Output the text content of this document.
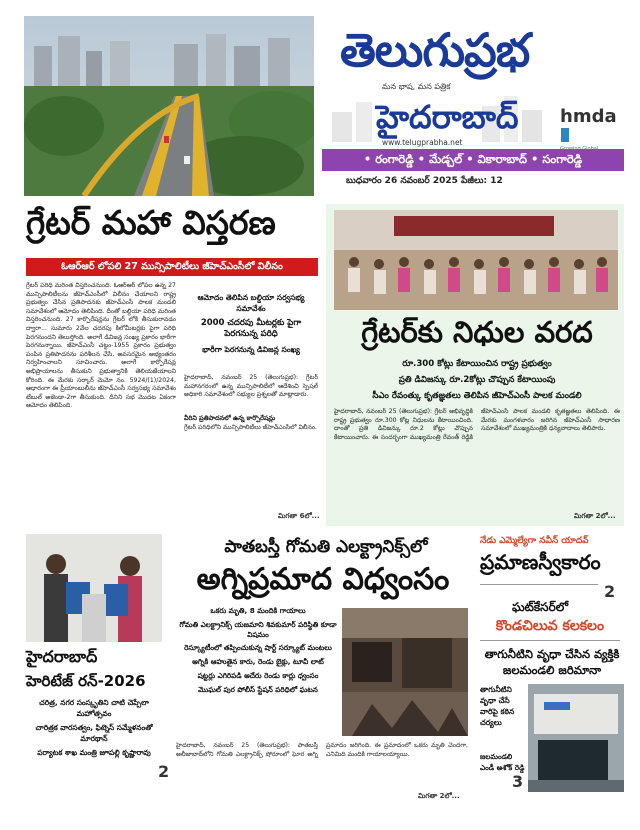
తెలుగుప్రభ
మన భాష, మన పత్రిక
హైదరాబాద్
www.telugprabha.net
hmda
• రంగారెడ్డి • మేడ్చల్ • వికారాబాద్ • సంగారెడ్డి
బుధవారం 26 నవంబర్ 2025 పేజీలు: 12
గ్రేటర్ మహా విస్తరణ
ఓఆర్ఆర్ లోపలి 27 మున్సిపాలిటీలు జీహెచ్ఎంసీలో విలీనం
గ్రేటర్ పరిధి మరింత విస్తరించనుంది. ఓఆర్ఆర్ లోపల ఉన్న 27 మున్సిపాలిటీలను జీహెచ్ఎంసీలో విలీనం చేయాలని రాష్ట్ర ప్రభుత్వం చేసిన ప్రతిపాదనకు జీహెచ్ఎంసీ పాలక మండలి సమావేశంలో ఆమోదం తెలిపింది. దీంతో బల్దియా పరిధి మరింత విస్తరించనుంది. 27 కార్పొరేషన్లను గ్రేటర్ లోకి తీసుకురావడం ద్వారా... సుమారు 2వేల చదరపు కిలోమీటర్లకు పైగా పరిధి పెరగనుందని తెలుస్తోంది. అలాగే డివిజన్ల సంఖ్య ప్రకారం భారీగా పెరగనున్నాయి. జీహెచ్ఎంసీ చట్టం-1955 ప్రకారం ప్రభుత్వం పంపిన ప్రతిపాదనను పరిశీలన చేసి, అవసరమైన అభ్యంతరం నిర్వహించాలని సూచించారు. అలాగే కార్పొరేషన్ల అభిప్రాయాలను తీసుకుని ప్రభుత్వానికి తెలియజేయాలని కోరింది. ఈ మేరకు సర్కార్ మెమో నం. 5924/(1)/2024, ఆధారంగా ఈ ప్రీయాంబులీను జీహెచ్ఎంసీ సర్వసభ్య సమావేశం టేబుల్ అజెండా-2గా తీసుకుంది. దీనిని సభ మొదట ఏకంగా ఆమోదం తెలిపింది.
ఆమోదం తెలిపిన బల్దియా సర్వసభ్య సమావేశం
2000 చదరపు మీటర్లకు పైగా పెరగనున్న పరిధి
భారీగా పెరగనున్న డివిజన్ల సంఖ్య
హైదరాబాద్, నవంబర్ 25 (తెలుగుప్రభ): గ్రేటర్ మహానగరంలో ఉన్న మున్సిపాలిటీలో ఆదేశించి స్పెషల్ అధికారి సమావేశంలో సభ్యుల ప్రశ్నలతో మాట్లాడారు.
వీరిని ప్రతిపాదనలో ఉన్న కార్పొరేషన్లు
గ్రేటర్ పరిధిలోని మున్సిపాలిటీలు జీహెచ్ఎంసీలో విలీనం.
మిగతా 6లో...
గ్రేటర్‌కు నిధుల వరద
రూ.300 కోట్లు కేటాయించిన రాష్ట్ర ప్రభుత్వం
ప్రతి డివిజన్కు రూ.2కోట్లు చొప్పున కేటాయింపు
సీఎం రేవంత్కు కృతజ్ఞతలు తెలిపిన జీహెచ్ఎంసీ పాలక మండలి
హైదరాబాద్, నవంబర్ 25 (తెలుగుప్రభ): గ్రేటర్ అభివృద్ధికి రాష్ట్ర ప్రభుత్వం రూ.300 కోట్ల నిధులను కేటాయించింది. దాంతో ప్రతి డివిజన్కు రూ.2 కోట్లు చొప్పున కేటాయించారు. ఈ సందర్భంగా ముఖ్యమంత్రి రేవంత్ రెడ్డికి జీహెచ్ఎంసీ పాలక మండలి కృతజ్ఞతలు తెలిపింది. ఈ మేరకు మంగళవారం జరిగిన జీహెచ్ఎంసీ సాధారణ సమావేశంలో ముఖ్యమంత్రికి ధన్యవాదాలు తెలిపారు.
మిగతా 2లో...
హైదరాబాద్
హెరిటేజ్ రన్-2026
చరిత్ర, నగర సంస్కృతిని చాటి చెప్పేలా మహోత్సవం
చారిత్రక వారసత్వం, ఫిట్నెస్ సమ్మేళనంతో మారథాన్
పర్యాటక శాఖ మంత్రి జూపల్లి కృష్ణారావు
2
పాతబస్తీ గోమతి ఎలక్ట్రానిక్స్‌లో
అగ్నిప్రమాద విధ్వంసం
ఒకరు మృతి, 8 మందికి గాయాలు
గోమతి ఎలక్ట్రానిక్స్ యజమాని శివకుమార్ పరిస్థితి కూడా విషమం
రెస్క్యూటీంలో తప్పించుకున్న షార్ట్ సర్క్యూట్ మంటలు
అగ్నికి ఆహుతైన కారు, రెండు బైక్లు, టూవీ లాట్
షట్టర్లు ఎగిరిపడి అదేరు రెండు కార్లు ధ్వంసం
మొఘల్ పుర పోలీస్ స్టేషన్ పరిధిలో ఘటన
హైదరాబాద్, నవంబర్ 25 (తెలుగుప్రభ): పాతబస్తీ అలీజాబాద్‌లోని గోమతి ఎలక్ట్రానిక్స్ షోరూంలో ఘోర అగ్ని ప్రమాదం జరిగింది. ఈ ప్రమాదంలో ఒకరు మృతి చెందగా, ఎనిమిది మందికి గాయాలయ్యాయి.
మిగతా 2లో...
నేడు ఎమ్మెల్యేగా నవీన్ యాదవ్
ప్రమాణస్వీకారం
2
ఘట్‌కేసర్‌లో
కొండచిలువ కలకలం
తాగునీటిని వృధా చేసిన వ్యక్తికి జలమండలి జరిమానా
తాగునీటిని వృధా చేసే వారిపై కఠిన చర్యలు
జలమండలి ఎండీ అశోక్ రెడ్డి
3
